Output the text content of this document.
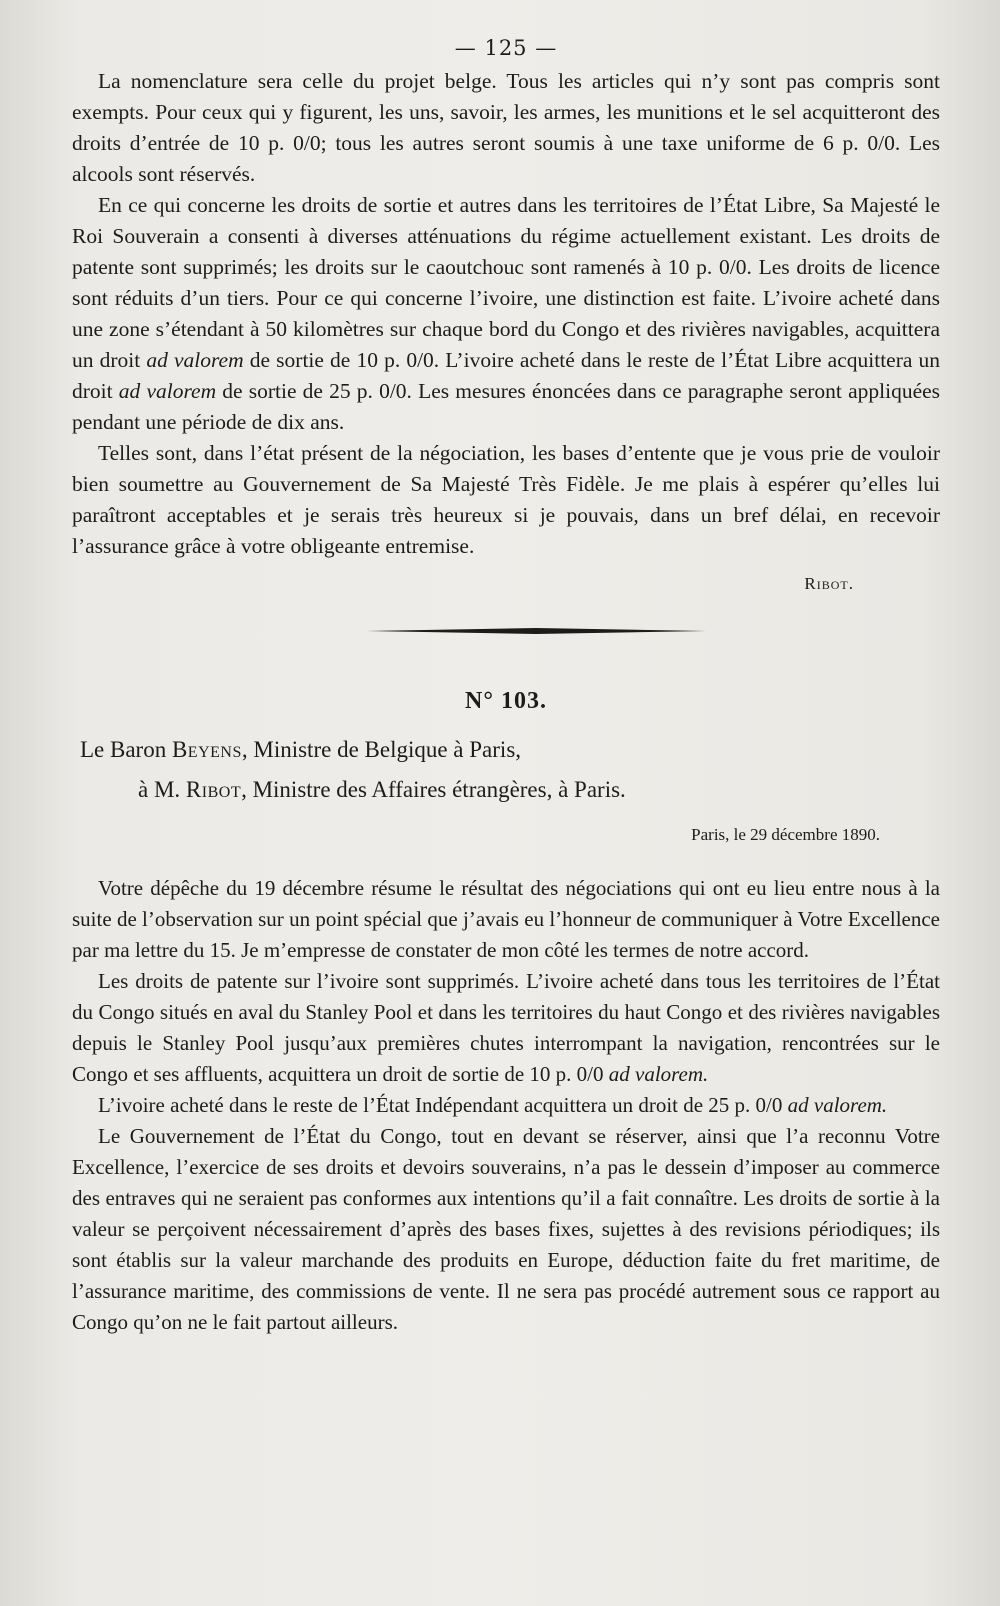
— 125 —

La nomenclature sera celle du projet belge. Tous les articles qui n’y sont pas compris sont exempts. Pour ceux qui y figurent, les uns, savoir, les armes, les munitions et le sel acquitteront des droits d’entrée de 10 p. 0/0; tous les autres seront soumis à une taxe uniforme de 6 p. 0/0. Les alcools sont réservés.

En ce qui concerne les droits de sortie et autres dans les territoires de l’État Libre, Sa Majesté le Roi Souverain a consenti à diverses atténuations du régime actuellement existant. Les droits de patente sont supprimés; les droits sur le caoutchouc sont ramenés à 10 p. 0/0. Les droits de licence sont réduits d’un tiers. Pour ce qui concerne l’ivoire, une distinction est faite. L’ivoire acheté dans une zone s’étendant à 50 kilomètres sur chaque bord du Congo et des rivières navigables, acquittera un droit ad valorem de sortie de 10 p. 0/0. L’ivoire acheté dans le reste de l’État Libre acquittera un droit ad valorem de sortie de 25 p. 0/0. Les mesures énoncées dans ce paragraphe seront appliquées pendant une période de dix ans.

Telles sont, dans l’état présent de la négociation, les bases d’entente que je vous prie de vouloir bien soumettre au Gouvernement de Sa Majesté Très Fidèle. Je me plais à espérer qu’elles lui paraîtront acceptables et je serais très heureux si je pouvais, dans un bref délai, en recevoir l’assurance grâce à votre obligeante entremise.

Ribot.
N° 103.
Le Baron Beyens, Ministre de Belgique à Paris,
à M. Ribot, Ministre des Affaires étrangères, à Paris.
Paris, le 29 décembre 1890.

Votre dépêche du 19 décembre résume le résultat des négociations qui ont eu lieu entre nous à la suite de l’observation sur un point spécial que j’avais eu l’honneur de communiquer à Votre Excellence par ma lettre du 15. Je m’empresse de constater de mon côté les termes de notre accord.

Les droits de patente sur l’ivoire sont supprimés. L’ivoire acheté dans tous les territoires de l’État du Congo situés en aval du Stanley Pool et dans les territoires du haut Congo et des rivières navigables depuis le Stanley Pool jusqu’aux premières chutes interrompant la navigation, rencontrées sur le Congo et ses affluents, acquittera un droit de sortie de 10 p. 0/0 ad valorem.

L’ivoire acheté dans le reste de l’État Indépendant acquittera un droit de 25 p. 0/0 ad valorem.

Le Gouvernement de l’État du Congo, tout en devant se réserver, ainsi que l’a reconnu Votre Excellence, l’exercice de ses droits et devoirs souverains, n’a pas le dessein d’imposer au commerce des entraves qui ne seraient pas conformes aux intentions qu’il a fait connaître. Les droits de sortie à la valeur se perçoivent nécessairement d’après des bases fixes, sujettes à des revisions périodiques; ils sont établis sur la valeur marchande des produits en Europe, déduction faite du fret maritime, de l’assurance maritime, des commissions de vente. Il ne sera pas procédé autrement sous ce rapport au Congo qu’on ne le fait partout ailleurs.
